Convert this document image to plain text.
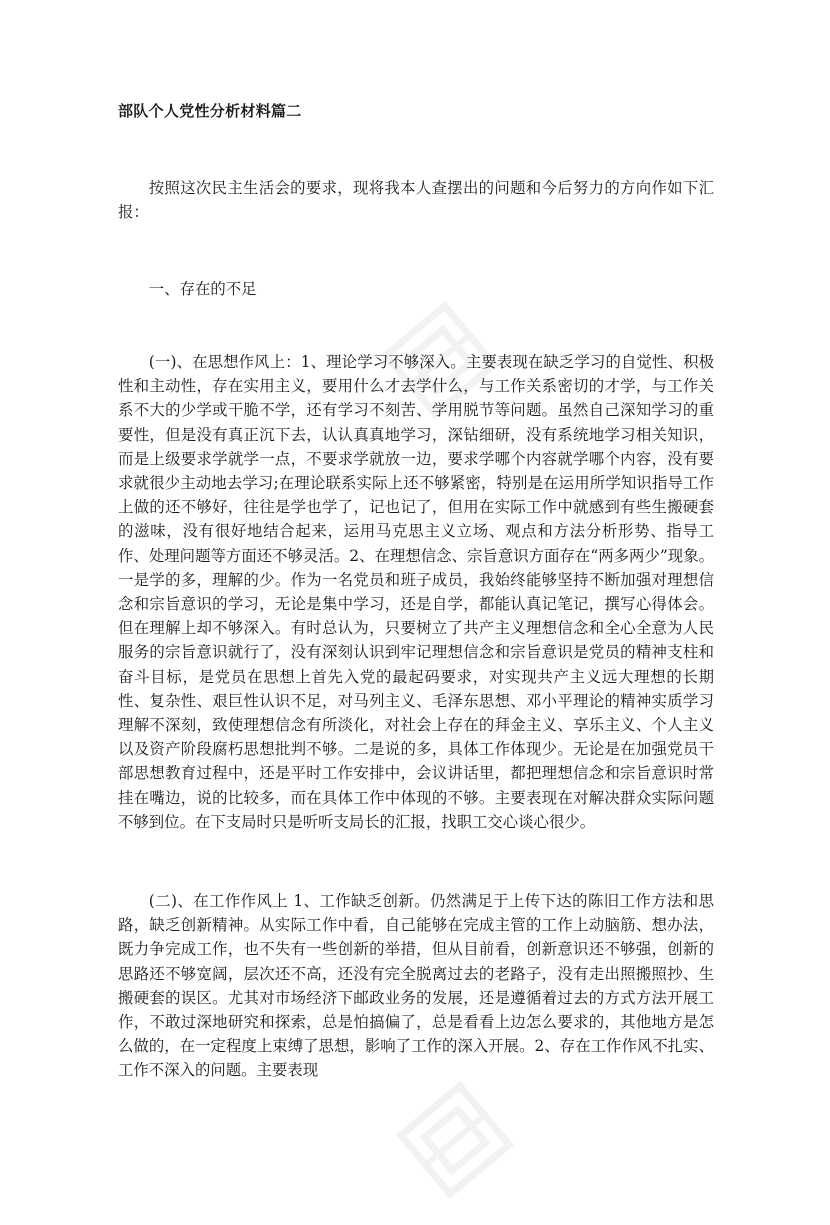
部队个人党性分析材料篇二

按照这次民主生活会的要求，现将我本人查摆出的问题和今后努力的方向作如下汇报：

一、存在的不足

(一)、在思想作风上：1、理论学习不够深入。主要表现在缺乏学习的自觉性、积极性和主动性，存在实用主义，要用什么才去学什么，与工作关系密切的才学，与工作关系不大的少学或干脆不学，还有学习不刻苦、学用脱节等问题。虽然自己深知学习的重要性，但是没有真正沉下去，认认真真地学习，深钻细研，没有系统地学习相关知识，而是上级要求学就学一点，不要求学就放一边，要求学哪个内容就学哪个内容，没有要求就很少主动地去学习;在理论联系实际上还不够紧密，特别是在运用所学知识指导工作上做的还不够好，往往是学也学了，记也记了，但用在实际工作中就感到有些生搬硬套的滋味，没有很好地结合起来，运用马克思主义立场、观点和方法分析形势、指导工作、处理问题等方面还不够灵活。2、在理想信念、宗旨意识方面存在“两多两少”现象。一是学的多，理解的少。作为一名党员和班子成员，我始终能够坚持不断加强对理想信念和宗旨意识的学习，无论是集中学习，还是自学，都能认真记笔记，撰写心得体会。但在理解上却不够深入。有时总认为，只要树立了共产主义理想信念和全心全意为人民服务的宗旨意识就行了，没有深刻认识到牢记理想信念和宗旨意识是党员的精神支柱和奋斗目标，是党员在思想上首先入党的最起码要求，对实现共产主义远大理想的长期性、复杂性、艰巨性认识不足，对马列主义、毛泽东思想、邓小平理论的精神实质学习理解不深刻，致使理想信念有所淡化，对社会上存在的拜金主义、享乐主义、个人主义以及资产阶段腐朽思想批判不够。二是说的多，具体工作体现少。无论是在加强党员干部思想教育过程中，还是平时工作安排中，会议讲话里，都把理想信念和宗旨意识时常挂在嘴边，说的比较多，而在具体工作中体现的不够。主要表现在对解决群众实际问题不够到位。在下支局时只是听听支局长的汇报，找职工交心谈心很少。

(二)、在工作作风上 1、工作缺乏创新。仍然满足于上传下达的陈旧工作方法和思路，缺乏创新精神。从实际工作中看，自己能够在完成主管的工作上动脑筋、想办法，既力争完成工作，也不失有一些创新的举措，但从目前看，创新意识还不够强，创新的思路还不够宽阔，层次还不高，还没有完全脱离过去的老路子，没有走出照搬照抄、生搬硬套的误区。尤其对市场经济下邮政业务的发展，还是遵循着过去的方式方法开展工作，不敢过深地研究和探索，总是怕搞偏了，总是看看上边怎么要求的，其他地方是怎么做的，在一定程度上束缚了思想，影响了工作的深入开展。2、存在工作作风不扎实、工作不深入的问题。主要表现
